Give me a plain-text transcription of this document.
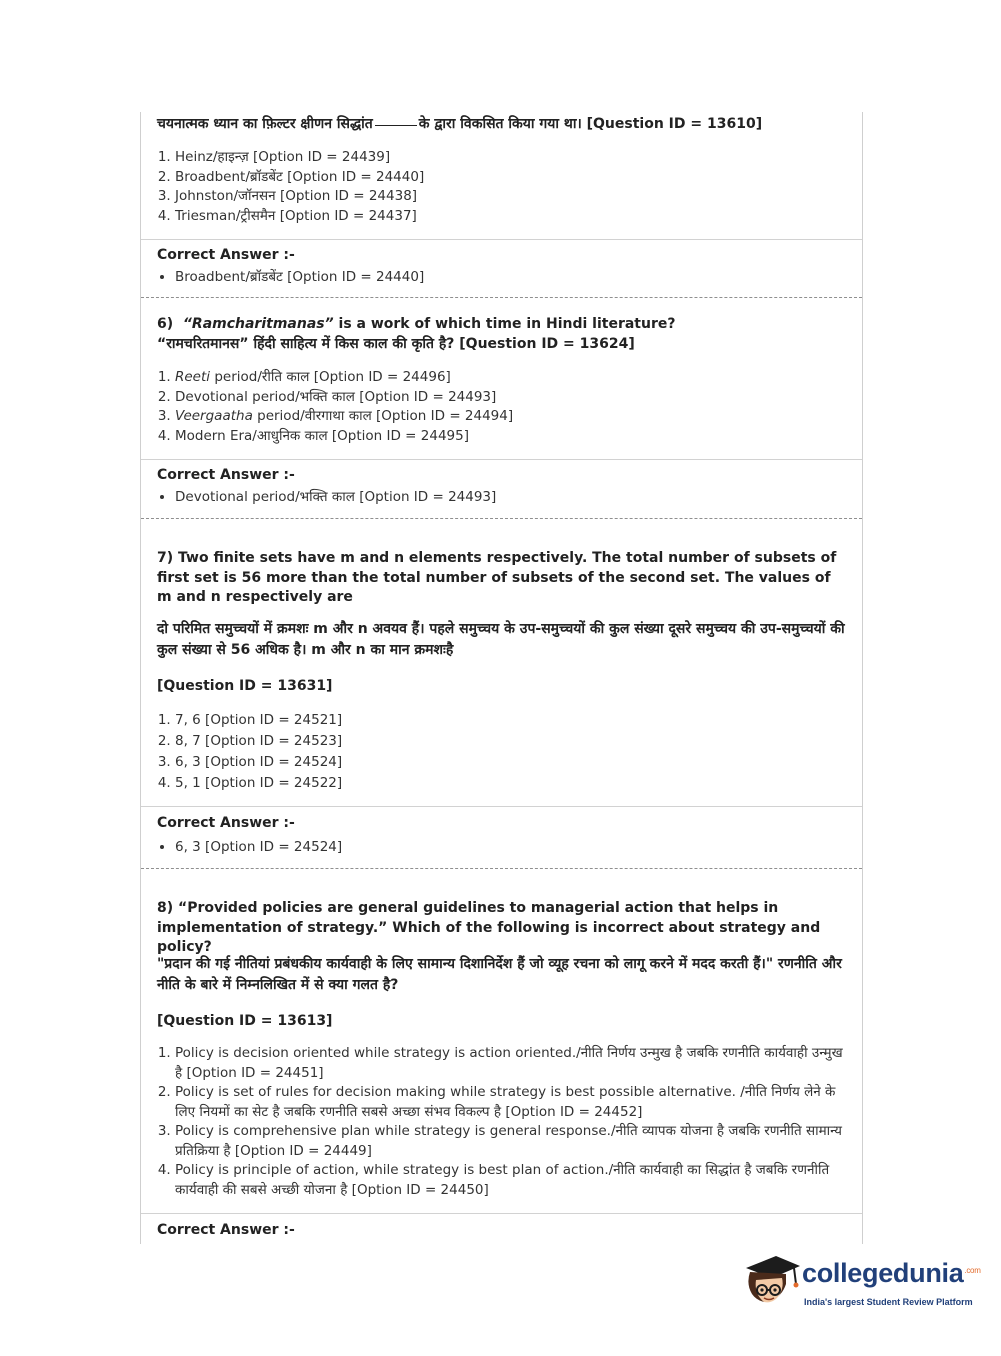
चयनात्मक ध्यान का फ़िल्टर क्षीणन सिद्धांत	के द्वारा विकसित किया गया था। [Question ID = 13610]
1. Heinz/हाइन्ज़ [Option ID = 24439]
2. Broadbent/ब्रॉडबेंट [Option ID = 24440]
3. Johnston/जॉनसन [Option ID = 24438]
4. Triesman/ट्रीसमैन [Option ID = 24437]
Correct Answer :-
• Broadbent/ब्रॉडबेंट [Option ID = 24440]
6) “Ramcharitmanas” is a work of which time in Hindi literature?
“रामचरितमानस” हिंदी साहित्य में किस काल की कृति है? [Question ID = 13624]
1. Reeti period/रीति काल [Option ID = 24496]
2. Devotional period/भक्ति काल [Option ID = 24493]
3. Veergaatha period/वीरगाथा काल [Option ID = 24494]
4. Modern Era/आधुनिक काल [Option ID = 24495]
Correct Answer :-
• Devotional period/भक्ति काल [Option ID = 24493]
7) Two finite sets have m and n elements respectively. The total number of subsets of first set is 56 more than the total number of subsets of the second set. The values of m and n respectively are
दो परिमित समुच्चयों में क्रमशः m और n अवयव हैं। पहले समुच्चय के उप-समुच्चयों की कुल संख्या दूसरे समुच्चय की उप-समुच्चयों की कुल संख्या से 56 अधिक है। m और n का मान क्रमशःहै
[Question ID = 13631]
1. 7, 6 [Option ID = 24521]
2. 8, 7 [Option ID = 24523]
3. 6, 3 [Option ID = 24524]
4. 5, 1 [Option ID = 24522]
Correct Answer :-
• 6, 3 [Option ID = 24524]
8) “Provided policies are general guidelines to managerial action that helps in implementation of strategy.” Which of the following is incorrect about strategy and policy?
"प्रदान की गई नीतियां प्रबंधकीय कार्यवाही के लिए सामान्य दिशानिर्देश हैं जो व्यूह रचना को लागू करने में मदद करती हैं।" रणनीति और नीति के बारे में निम्नलिखित में से क्या गलत है?
[Question ID = 13613]
1. Policy is decision oriented while strategy is action oriented./नीति निर्णय उन्मुख है जबकि रणनीति कार्यवाही उन्मुख है [Option ID = 24451]
2. Policy is set of rules for decision making while strategy is best possible alternative. /नीति निर्णय लेने के लिए नियमों का सेट है जबकि रणनीति सबसे अच्छा संभव विकल्प है [Option ID = 24452]
3. Policy is comprehensive plan while strategy is general response./नीति व्यापक योजना है जबकि रणनीति सामान्य प्रतिक्रिया है [Option ID = 24449]
4. Policy is principle of action, while strategy is best plan of action./नीति कार्यवाही का सिद्धांत है जबकि रणनीति कार्यवाही की सबसे अच्छी योजना है [Option ID = 24450]
Correct Answer :-
collegedunia$^{.com}$
India's largest Student Review Platform
